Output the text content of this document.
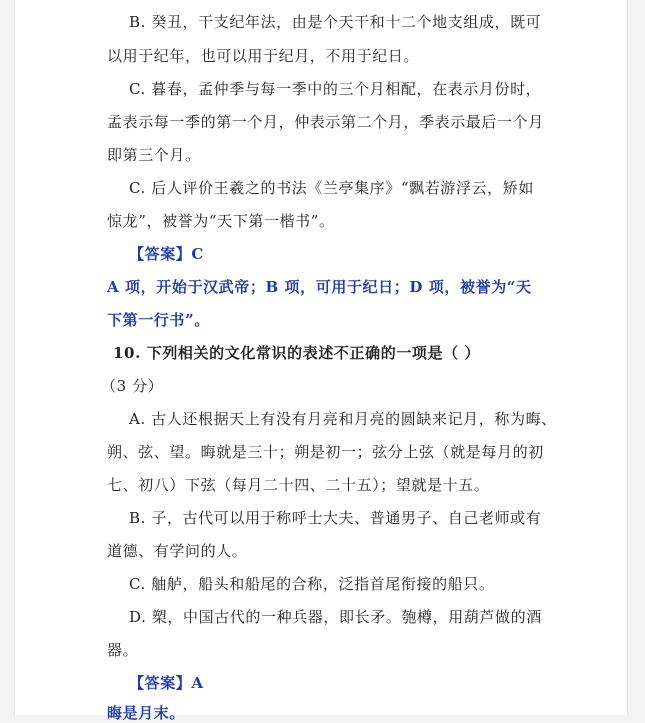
B. 癸丑，干支纪年法，由是个天干和十二个地支组成，既可
以用于纪年，也可以用于纪月，不用于纪日。
C. 暮春，孟仲季与每一季中的三个月相配，在表示月份时，
孟表示每一季的第一个月，仲表示第二个月，季表示最后一个月
即第三个月。
C. 后人评价王羲之的书法《兰亭集序》“飘若游浮云，矫如
惊龙”，被誉为“天下第一楷书”。
【答案】C
A 项，开始于汉武帝；B 项，可用于纪日；D 项，被誉为“天
下第一行书”。
10. 下列相关的文化常识的表述不正确的一项是（ ）
（3 分）
A. 古人还根据天上有没有月亮和月亮的圆缺来记月，称为晦、
朔、弦、望。晦就是三十；朔是初一；弦分上弦（就是每月的初
七、初八）下弦（每月二十四、二十五）；望就是十五。
B. 子，古代可以用于称呼士大夫、普通男子、自己老师或有
道德、有学问的人。
C. 舳舻，船头和船尾的合称，泛指首尾衔接的船只。
D. 槊，中国古代的一种兵器，即长矛。匏樽，用葫芦做的酒
器。
【答案】A
晦是月末。
